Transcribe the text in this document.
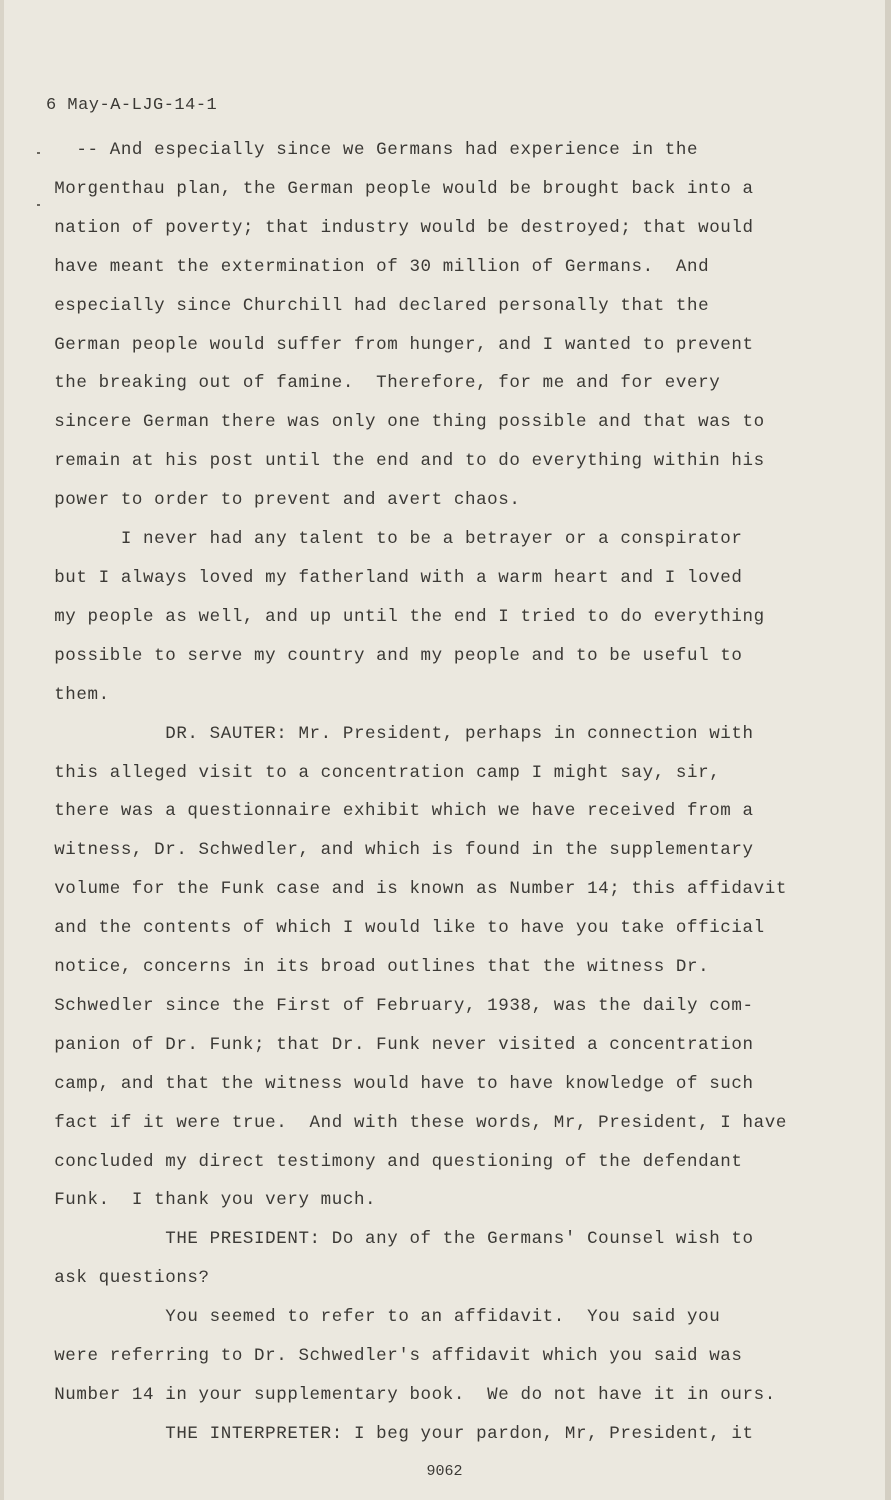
6 May-A-LJG-14-1

-- And especially since we Germans had experience in the

Morgenthau plan, the German people would be brought back into a

nation of poverty; that industry would be destroyed; that would

have meant the extermination of 30 million of Germans.  And

especially since Churchill had declared personally that the

German people would suffer from hunger, and I wanted to prevent

the breaking out of famine.  Therefore, for me and for every

sincere German there was only one thing possible and that was to

remain at his post until the end and to do everything within his

power to order to prevent and avert chaos.

I never had any talent to be a betrayer or a conspirator

but I always loved my fatherland with a warm heart and I loved

my people as well, and up until the end I tried to do everything

possible to serve my country and my people and to be useful to

them.

DR. SAUTER: Mr. President, perhaps in connection with

this alleged visit to a concentration camp I might say, sir,

there was a questionnaire exhibit which we have received from a

witness, Dr. Schwedler, and which is found in the supplementary

volume for the Funk case and is known as Number 14; this affidavit

and the contents of which I would like to have you take official

notice, concerns in its broad outlines that the witness Dr.

Schwedler since the First of February, 1938, was the daily com-

panion of Dr. Funk; that Dr. Funk never visited a concentration

camp, and that the witness would have to have knowledge of such

fact if it were true.  And with these words, Mr, President, I have

concluded my direct testimony and questioning of the defendant

Funk.  I thank you very much.

THE PRESIDENT: Do any of the Germans' Counsel wish to

ask questions?

You seemed to refer to an affidavit.  You said you

were referring to Dr. Schwedler's affidavit which you said was

Number 14 in your supplementary book.  We do not have it in ours.

THE INTERPRETER: I beg your pardon, Mr, President, it

9062
